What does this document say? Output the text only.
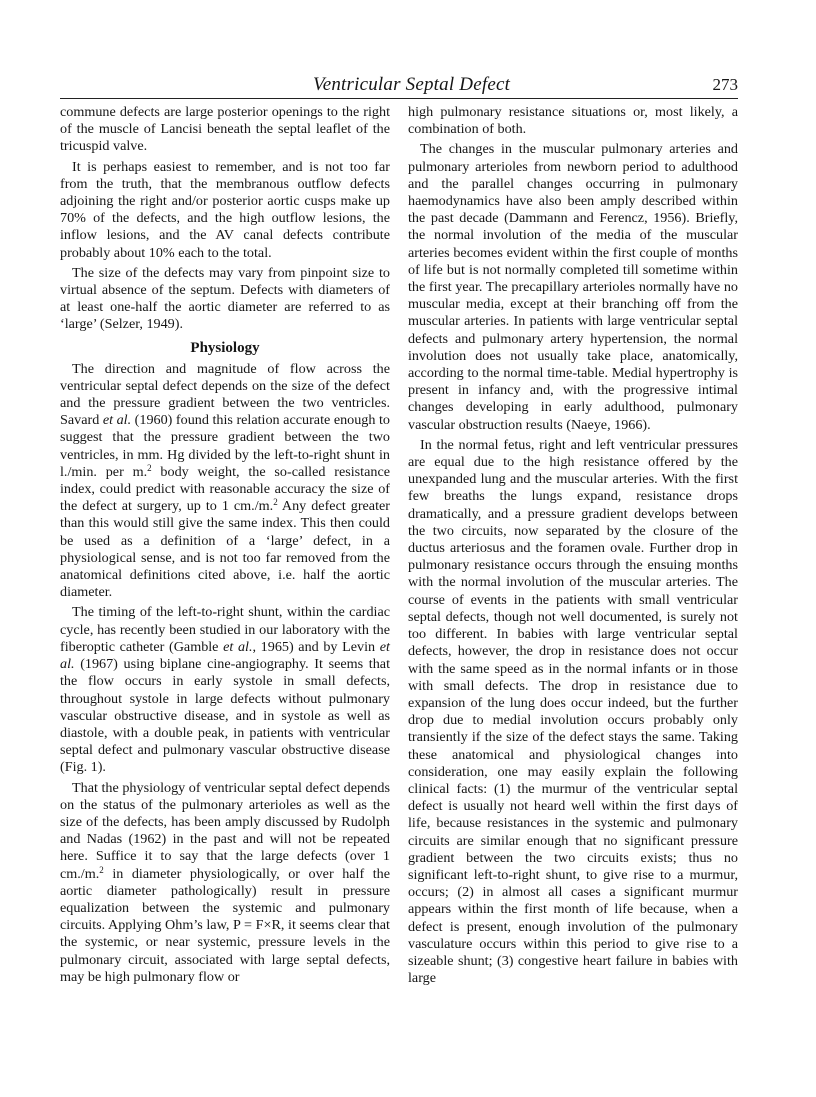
Ventricular Septal Defect	273

commune defects are large posterior openings to the right of the muscle of Lancisi beneath the septal leaflet of the tricuspid valve.

It is perhaps easiest to remember, and is not too far from the truth, that the membranous outflow defects adjoining the right and/or posterior aortic cusps make up 70% of the defects, and the high outflow lesions, the inflow lesions, and the AV canal defects contribute probably about 10% each to the total.

The size of the defects may vary from pinpoint size to virtual absence of the septum. Defects with diameters of at least one-half the aortic diameter are referred to as ‘large’ (Selzer, 1949).

Physiology

The direction and magnitude of flow across the ventricular septal defect depends on the size of the defect and the pressure gradient between the two ventricles. Savard et al. (1960) found this relation accurate enough to suggest that the pressure gradient between the two ventricles, in mm. Hg divided by the left-to-right shunt in l./min. per m.$^2$ body weight, the so-called resistance index, could predict with reasonable accuracy the size of the defect at surgery, up to 1 cm./m.$^2$ Any defect greater than this would still give the same index. This then could be used as a definition of a ‘large’ defect, in a physiological sense, and is not too far removed from the anatomical definitions cited above, i.e. half the aortic diameter.

The timing of the left-to-right shunt, within the cardiac cycle, has recently been studied in our laboratory with the fiberoptic catheter (Gamble et al., 1965) and by Levin et al. (1967) using biplane cine-angiography. It seems that the flow occurs in early systole in small defects, throughout systole in large defects without pulmonary vascular obstructive disease, and in systole as well as diastole, with a double peak, in patients with ventricular septal defect and pulmonary vascular obstructive disease (Fig. 1).

That the physiology of ventricular septal defect depends on the status of the pulmonary arterioles as well as the size of the defects, has been amply discussed by Rudolph and Nadas (1962) in the past and will not be repeated here. Suffice it to say that the large defects (over 1 cm./m.$^2$ in diameter physiologically, or over half the aortic diameter pathologically) result in pressure equalization between the systemic and pulmonary circuits. Applying Ohm’s law, P = F×R, it seems clear that the systemic, or near systemic, pressure levels in the pulmonary circuit, associated with large septal defects, may be high pulmonary flow or

high pulmonary resistance situations or, most likely, a combination of both.

The changes in the muscular pulmonary arteries and pulmonary arterioles from newborn period to adulthood and the parallel changes occurring in pulmonary haemodynamics have also been amply described within the past decade (Dammann and Ferencz, 1956). Briefly, the normal involution of the media of the muscular arteries becomes evident within the first couple of months of life but is not normally completed till sometime within the first year. The precapillary arterioles normally have no muscular media, except at their branching off from the muscular arteries. In patients with large ventricular septal defects and pulmonary artery hypertension, the normal involution does not usually take place, anatomically, according to the normal time-table. Medial hypertrophy is present in infancy and, with the progressive intimal changes developing in early adulthood, pulmonary vascular obstruction results (Naeye, 1966).

In the normal fetus, right and left ventricular pressures are equal due to the high resistance offered by the unexpanded lung and the muscular arteries. With the first few breaths the lungs expand, resistance drops dramatically, and a pressure gradient develops between the two circuits, now separated by the closure of the ductus arteriosus and the foramen ovale. Further drop in pulmonary resistance occurs through the ensuing months with the normal involution of the muscular arteries. The course of events in the patients with small ventricular septal defects, though not well documented, is surely not too different. In babies with large ventricular septal defects, however, the drop in resistance does not occur with the same speed as in the normal infants or in those with small defects. The drop in resistance due to expansion of the lung does occur indeed, but the further drop due to medial involution occurs probably only transiently if the size of the defect stays the same. Taking these anatomical and physiological changes into consideration, one may easily explain the following clinical facts: (1) the murmur of the ventricular septal defect is usually not heard well within the first days of life, because resistances in the systemic and pulmonary circuits are similar enough that no significant pressure gradient between the two circuits exists; thus no significant left-to-right shunt, to give rise to a murmur, occurs; (2) in almost all cases a significant murmur appears within the first month of life because, when a defect is present, enough involution of the pulmonary vasculature occurs within this period to give rise to a sizeable shunt; (3) congestive heart failure in babies with large
